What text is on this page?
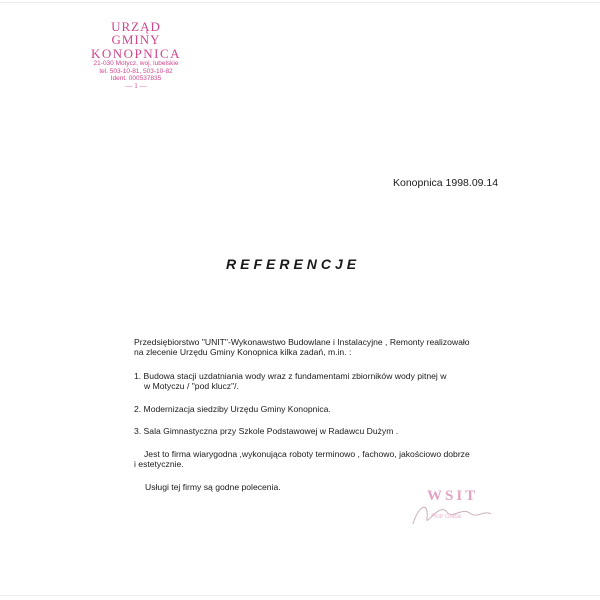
URZĄD GMINY
KONOPNICA
21-030 Motycz, woj. lubelskie
tel. 503-10-81, 503-10-82
Ident. 000537835
— 1 —
Konopnica 1998.09.14
REFERENCJE
Przedsiębiorstwo "UNIT"-Wykonawstwo Budowlane i Instalacyjne , Remonty realizowało
na zlecenie Urzędu Gminy Konopnica kilka zadań, m.in. :
1. Budowa stacji uzdatniania wody wraz z fundamentami zbiorników wody pitnej w
w Motyczu / "pod klucz"/.
2. Modernizacja siedziby Urzędu Gminy Konopnica.
3. Sala Gimnastyczna przy Szkole Podstawowej w Radawcu Dużym .
Jest to firma wiarygodna ,wykonująca roboty terminowo , fachowo, jakościowo dobrze
i estetycznie.
Usługi tej firmy są godne polecenia.
WSIT
Piotr Gołba
